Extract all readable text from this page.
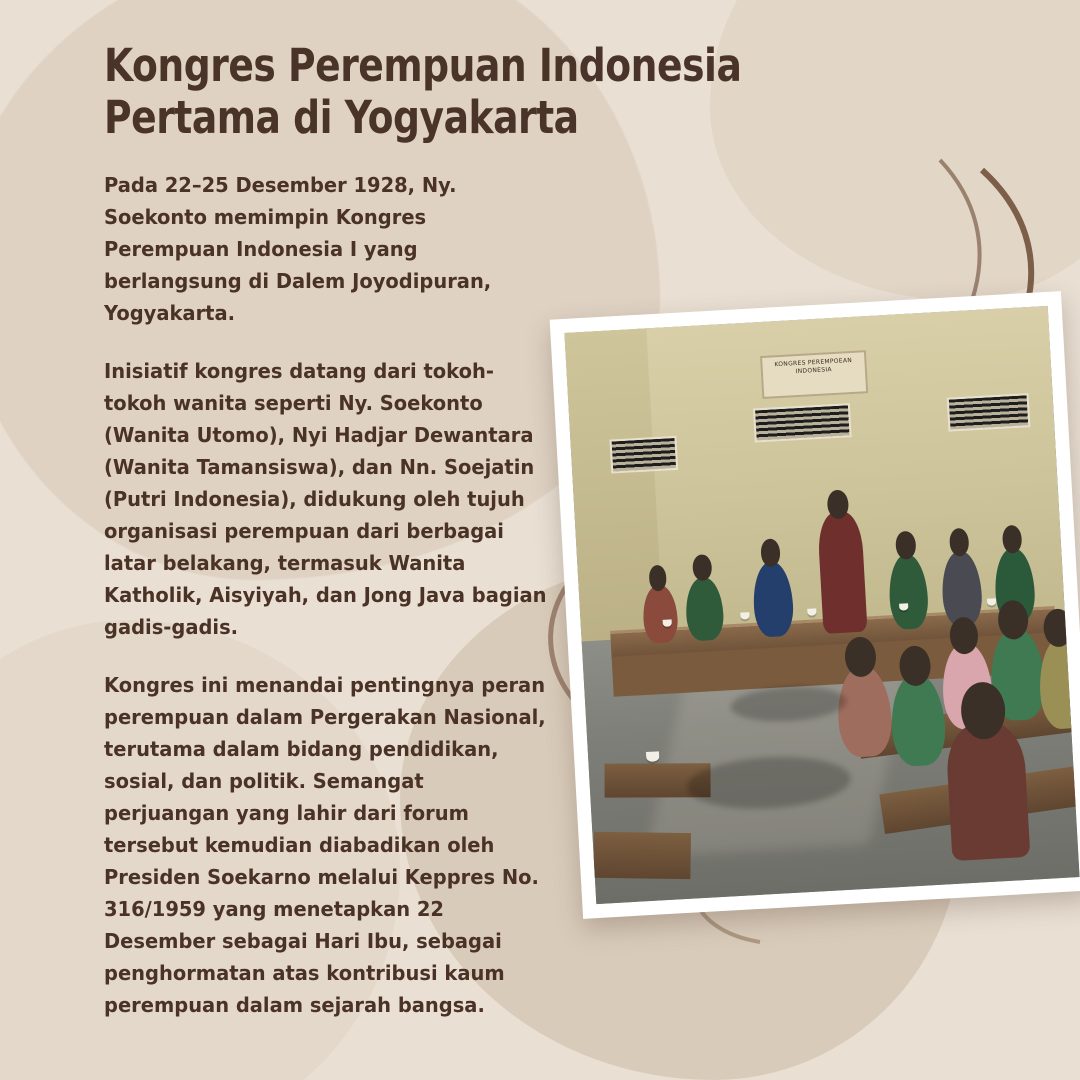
Kongres Perempuan Indonesia Pertama di Yogyakarta

Pada 22–25 Desember 1928, Ny. Soekonto memimpin Kongres Perempuan Indonesia I yang berlangsung di Dalem Joyodipuran, Yogyakarta.

Inisiatif kongres datang dari tokoh-tokoh wanita seperti Ny. Soekonto (Wanita Utomo), Nyi Hadjar Dewantara (Wanita Tamansiswa), dan Nn. Soejatin (Putri Indonesia), didukung oleh tujuh organisasi perempuan dari berbagai latar belakang, termasuk Wanita Katholik, Aisyiyah, dan Jong Java bagian gadis-gadis.

Kongres ini menandai pentingnya peran perempuan dalam Pergerakan Nasional, terutama dalam bidang pendidikan, sosial, dan politik. Semangat perjuangan yang lahir dari forum tersebut kemudian diabadikan oleh Presiden Soekarno melalui Keppres No. 316/1959 yang menetapkan 22 Desember sebagai Hari Ibu, sebagai penghormatan atas kontribusi kaum perempuan dalam sejarah bangsa.

KONGRES PEREMPOEAN
INDONESIA
